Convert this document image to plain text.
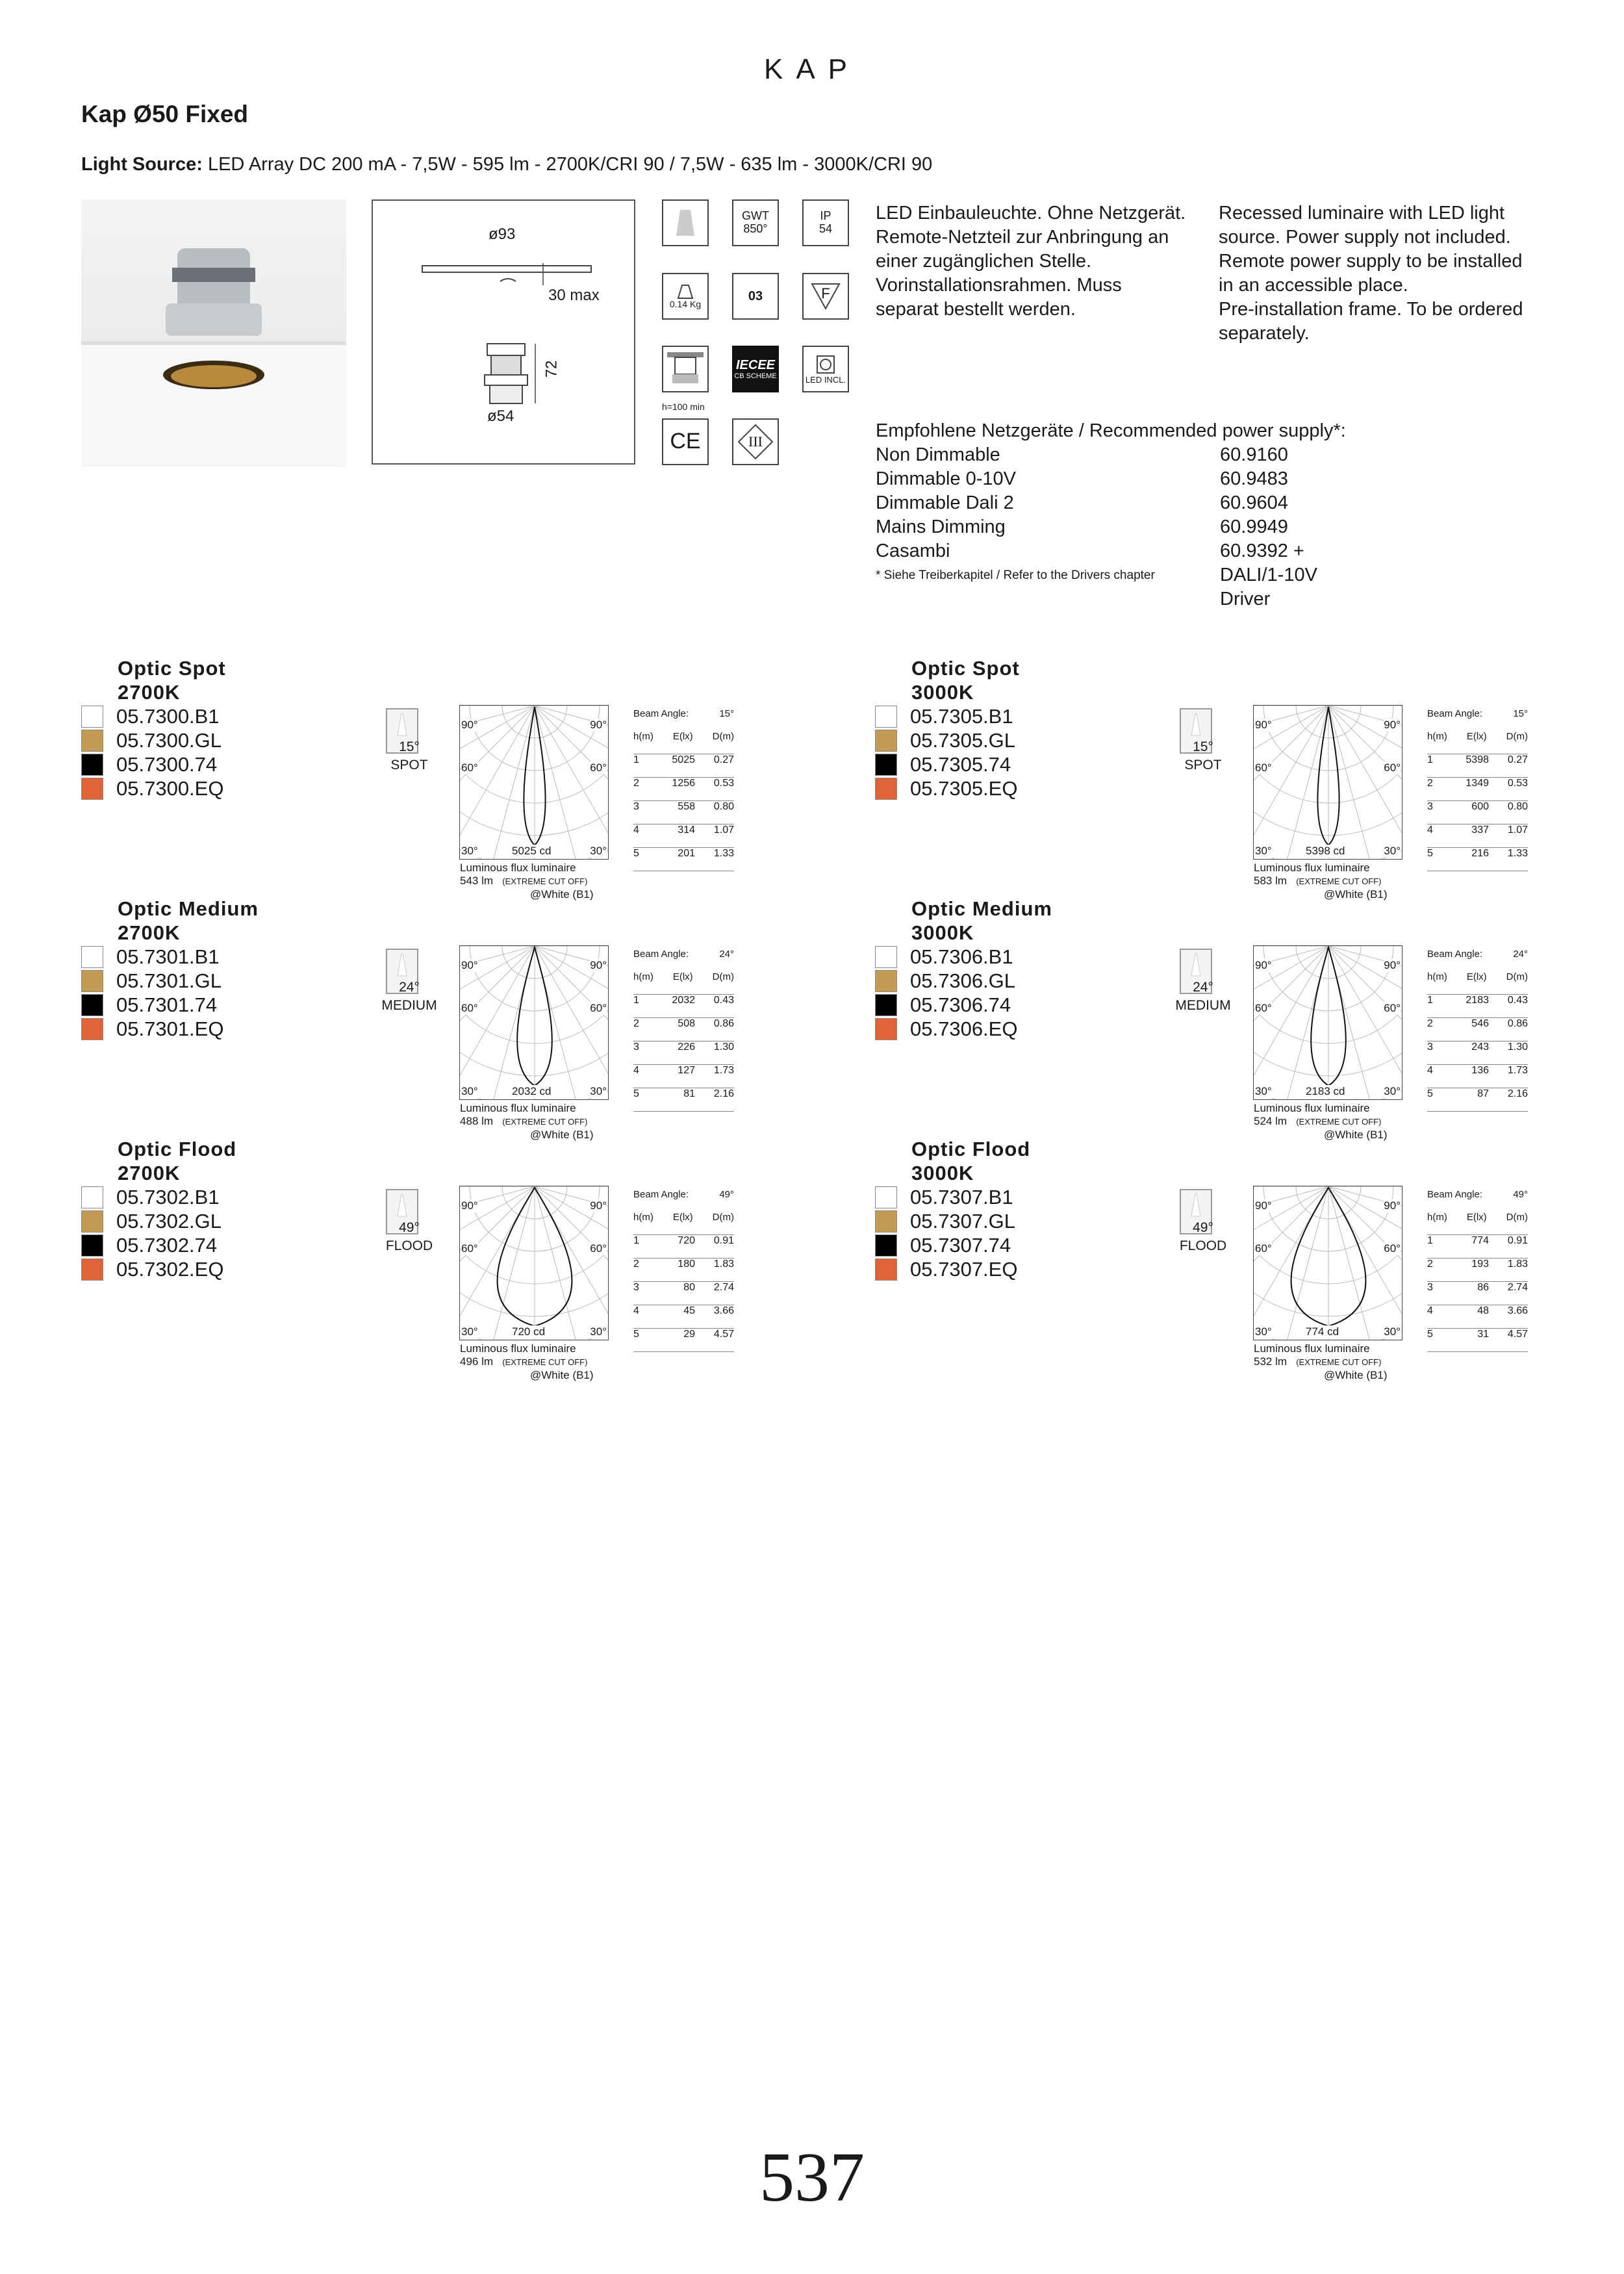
KAP
Kap Ø50 Fixed
Light Source: LED Array DC 200 mA - 7,5W - 595 lm - 2700K/CRI 90 / 7,5W - 635 lm - 3000K/CRI 90
ø93
30 max
72
ø54
GWT
850°
IP
54
0.14 Kg
03	F
h=100 min
IECEE
CB SCHEME	LED INCL.
CE	III
LED Einbauleuchte. Ohne Netzgerät.
Remote-Netzteil zur Anbringung an
einer zugänglichen Stelle.
Vorinstallationsrahmen. Muss
separat bestellt werden.
Recessed luminaire with LED light
source. Power supply not included.
Remote power supply to be installed
in an accessible place.
Pre-installation frame. To be ordered
separately.
Empfohlene Netzgeräte / Recommended power supply*:
Non Dimmable	60.9160
Dimmable 0-10V	60.9483
Dimmable Dali 2	60.9604
Mains Dimming	60.9949
Casambi	60.9392 + DALI/1-10V Driver
* Siehe Treiberkapitel / Refer to the Drivers chapter
Optic Spot
2700K
05.7300.B1
05.7300.GL
05.7300.74
05.7300.EQ
15°
SPOT
90°	90°
60°	60°
30°	30°
5025 cd
Luminous flux luminaire
543 lm (EXTREME CUT OFF)
@White (B1)
Beam Angle:	15°
h(m) E(lx) D(m)
1	5025	0.27
2	1256	0.53
3	558	0.80
4	314	1.07
5	201	1.33
Optic Spot
3000K
05.7305.B1
05.7305.GL
05.7305.74
05.7305.EQ
15°
SPOT
90°	90°
60°	60°
30°	30°
5398 cd
Luminous flux luminaire
583 lm (EXTREME CUT OFF)
@White (B1)
Beam Angle:	15°
h(m) E(lx) D(m)
1	5398	0.27
2	1349	0.53
3	600	0.80
4	337	1.07
5	216	1.33
Optic Medium
2700K
05.7301.B1
05.7301.GL
05.7301.74
05.7301.EQ
24°
MEDIUM
90°	90°
60°	60°
30°	30°
2032 cd
Luminous flux luminaire
488 lm (EXTREME CUT OFF)
@White (B1)
Beam Angle:	24°
h(m) E(lx) D(m)
1	2032	0.43
2	508	0.86
3	226	1.30
4	127	1.73
5	81	2.16
Optic Medium
3000K
05.7306.B1
05.7306.GL
05.7306.74
05.7306.EQ
24°
MEDIUM
90°	90°
60°	60°
30°	30°
2183 cd
Luminous flux luminaire
524 lm (EXTREME CUT OFF)
@White (B1)
Beam Angle:	24°
h(m) E(lx) D(m)
1	2183	0.43
2	546	0.86
3	243	1.30
4	136	1.73
5	87	2.16
Optic Flood
2700K
05.7302.B1
05.7302.GL
05.7302.74
05.7302.EQ
49°
FLOOD
90°	90°
60°	60°
30°	30°
720 cd
Luminous flux luminaire
496 lm (EXTREME CUT OFF)
@White (B1)
Beam Angle:	49°
h(m) E(lx) D(m)
1	720	0.91
2	180	1.83
3	80	2.74
4	45	3.66
5	29	4.57
Optic Flood
3000K
05.7307.B1
05.7307.GL
05.7307.74
05.7307.EQ
49°
FLOOD
90°	90°
60°	60°
30°	30°
774 cd
Luminous flux luminaire
532 lm (EXTREME CUT OFF)
@White (B1)
Beam Angle:	49°
h(m) E(lx) D(m)
1	774	0.91
2	193	1.83
3	86	2.74
4	48	3.66
5	31	4.57
537
